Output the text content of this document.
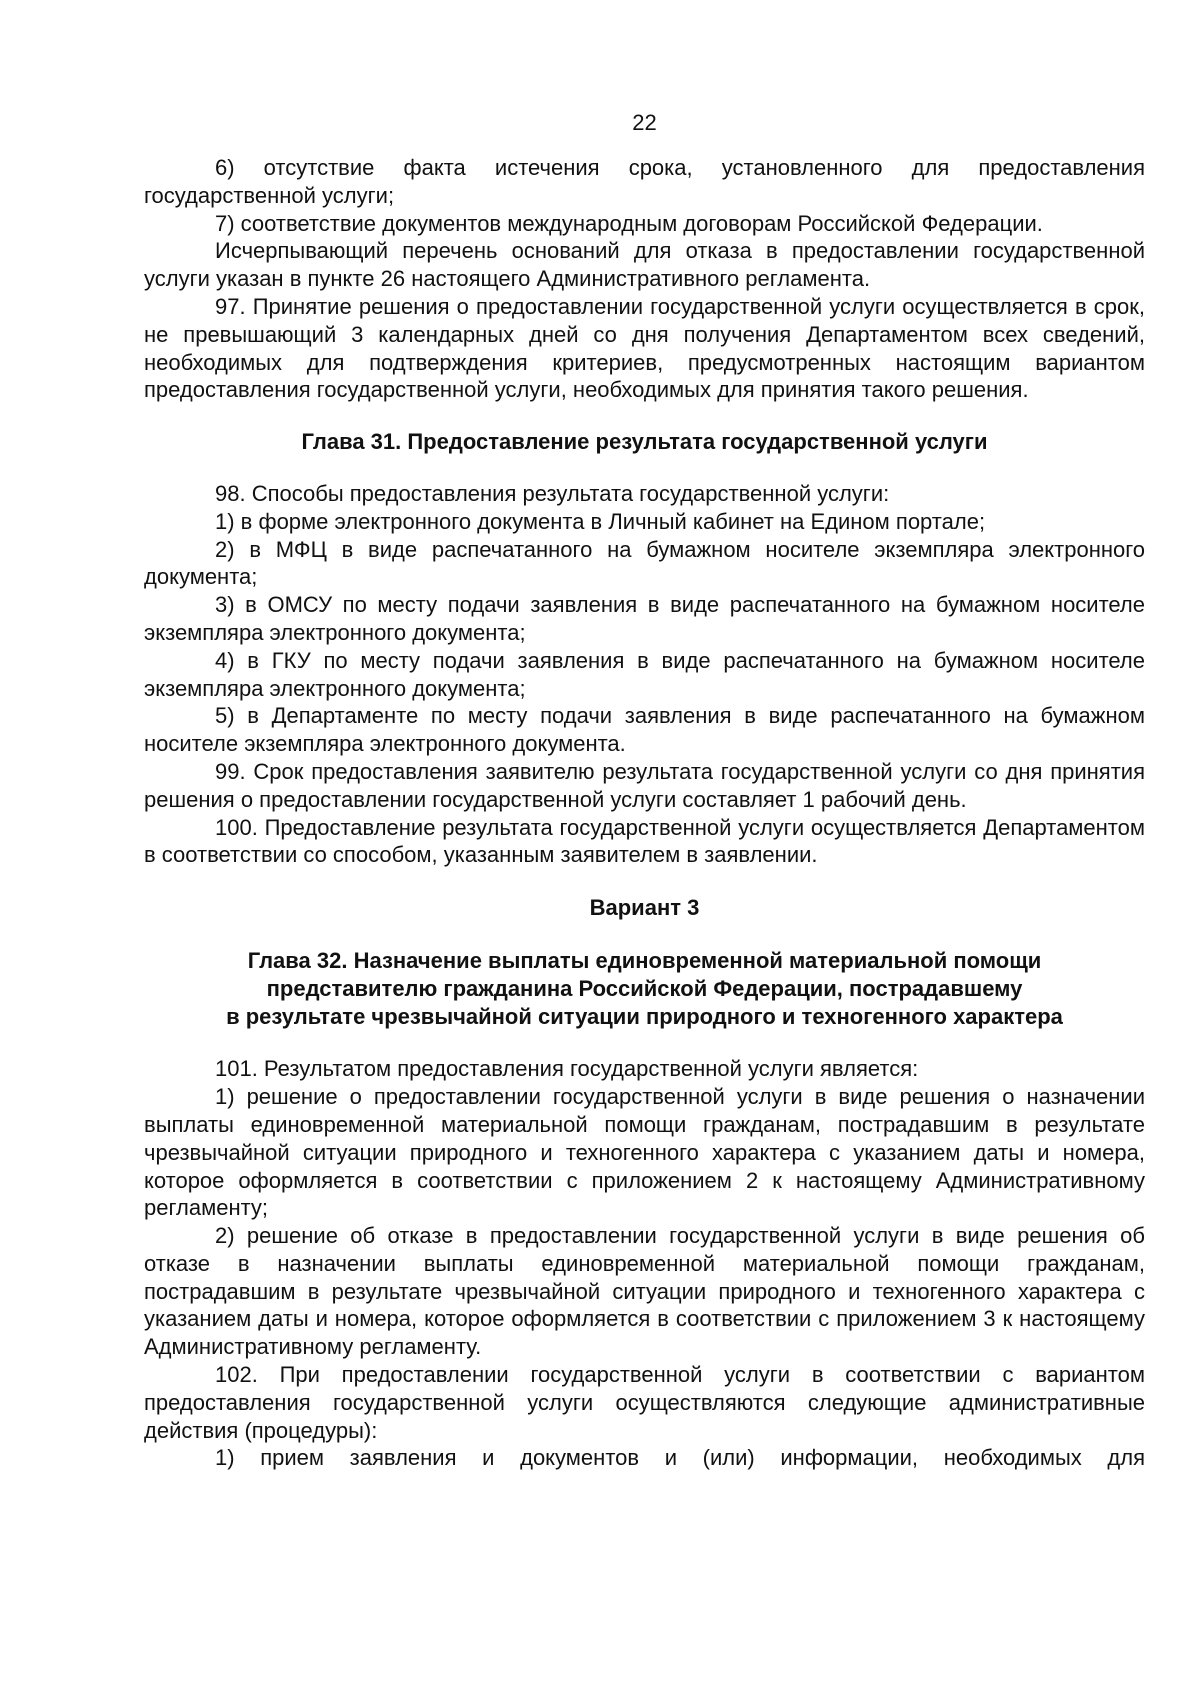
22

6) отсутствие факта истечения срока, установленного для предоставления государственной услуги;

7) соответствие документов международным договорам Российской Федерации.

Исчерпывающий перечень оснований для отказа в предоставлении государственной услуги указан в пункте 26 настоящего Административного регламента.

97. Принятие решения о предоставлении государственной услуги осуществляется в срок, не превышающий 3 календарных дней со дня получения Департаментом всех сведений, необходимых для подтверждения критериев, предусмотренных настоящим вариантом предоставления государственной услуги, необходимых для принятия такого решения.

Глава 31. Предоставление результата государственной услуги

98. Способы предоставления результата государственной услуги:

1) в форме электронного документа в Личный кабинет на Едином портале;

2) в МФЦ в виде распечатанного на бумажном носителе экземпляра электронного документа;

3) в ОМСУ по месту подачи заявления в виде распечатанного на бумажном носителе экземпляра электронного документа;

4) в ГКУ по месту подачи заявления в виде распечатанного на бумажном носителе экземпляра электронного документа;

5) в Департаменте по месту подачи заявления в виде распечатанного на бумажном носителе экземпляра электронного документа.

99. Срок предоставления заявителю результата государственной услуги со дня принятия решения о предоставлении государственной услуги составляет 1 рабочий день.

100. Предоставление результата государственной услуги осуществляется Департаментом в соответствии со способом, указанным заявителем в заявлении.

Вариант 3
Глава 32. Назначение выплаты единовременной материальной помощи
представителю гражданина Российской Федерации, пострадавшему
в результате чрезвычайной ситуации природного и техногенного характера

101. Результатом предоставления государственной услуги является:

1) решение о предоставлении государственной услуги в виде решения о назначении выплаты единовременной материальной помощи гражданам, пострадавшим в результате чрезвычайной ситуации природного и техногенного характера с указанием даты и номера, которое оформляется в соответствии с приложением 2 к настоящему Административному регламенту;

2) решение об отказе в предоставлении государственной услуги в виде решения об отказе в назначении выплаты единовременной материальной помощи гражданам, пострадавшим в результате чрезвычайной ситуации природного и техногенного характера с указанием даты и номера, которое оформляется в соответствии с приложением 3 к настоящему Административному регламенту.

102. При предоставлении государственной услуги в соответствии с вариантом предоставления государственной услуги осуществляются следующие административные действия (процедуры):

1) прием заявления и документов и (или) информации, необходимых для
